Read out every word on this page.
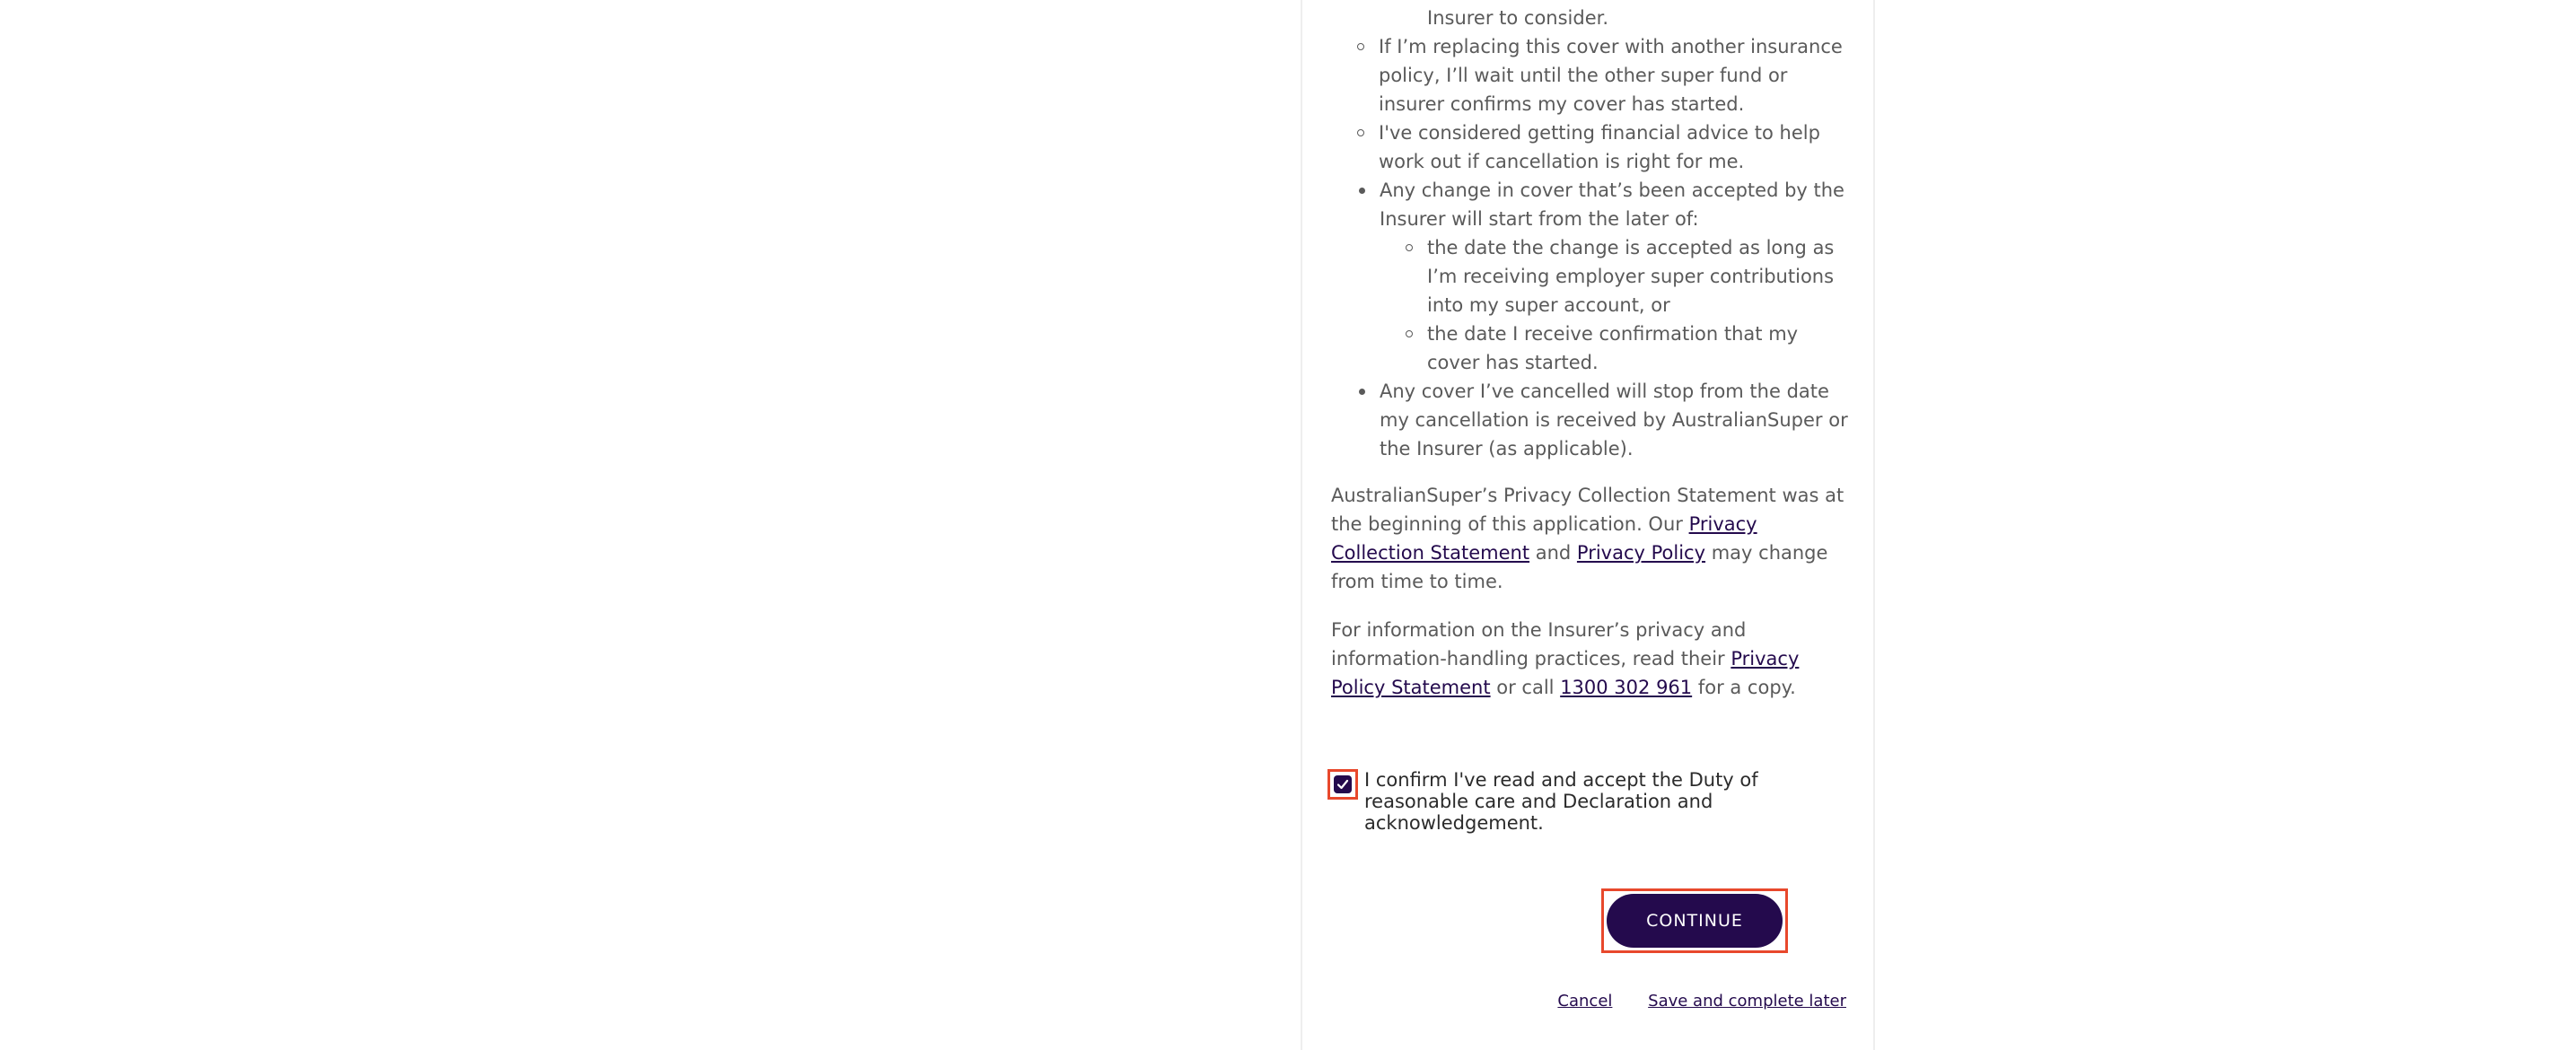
Insurer to consider.
If I’m replacing this cover with another insurance policy, I’ll wait until the other super fund or insurer confirms my cover has started.
I've considered getting financial advice to help work out if cancellation is right for me.
Any change in cover that’s been accepted by the Insurer will start from the later of:
the date the change is accepted as long as I’m receiving employer super contributions into my super account, or
the date I receive confirmation that my cover has started.
Any cover I’ve cancelled will stop from the date my cancellation is received by AustralianSuper or the Insurer (as applicable).

AustralianSuper’s Privacy Collection Statement was at the beginning of this application. Our Privacy Collection Statement and Privacy Policy may change from time to time.

For information on the Insurer’s privacy and information-handling practices, read their Privacy Policy Statement or call 1300 302 961 for a copy.

I confirm I've read and accept the Duty of reasonable care and Declaration and acknowledgement.
CONTINUE
Cancel Save and complete later
